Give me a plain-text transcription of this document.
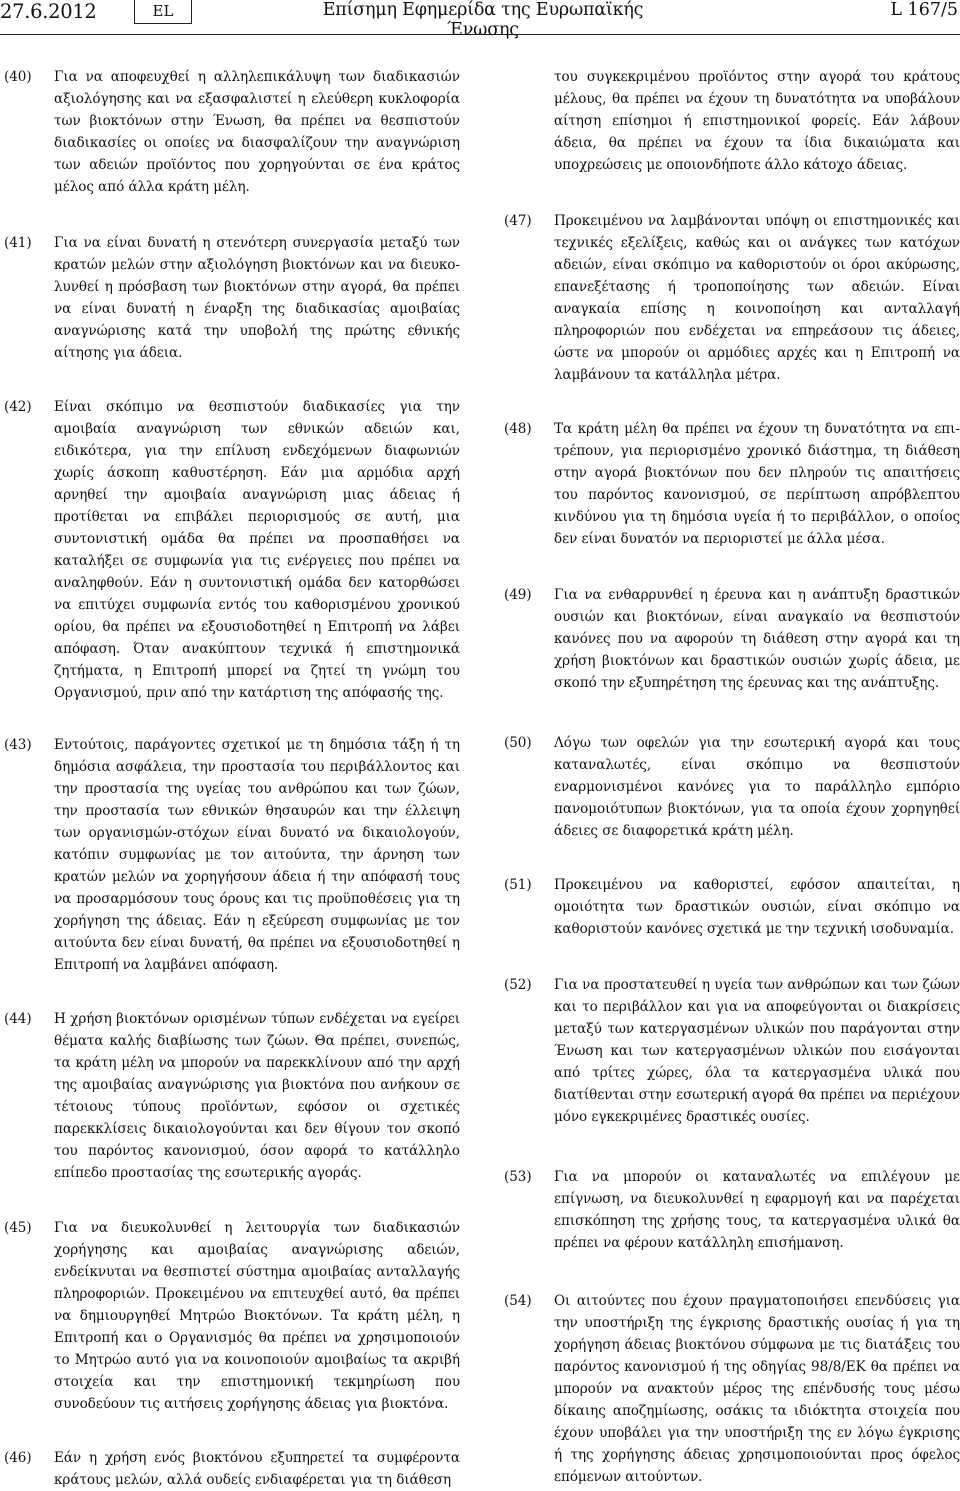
27.6.2012	EL	Επίσημη Εφημερίδα της Ευρωπαϊκής Ένωσης
L 167/5
(40)	Για να αποφευχθεί η αλληλεπικάλυψη των διαδικασιών αξιολόγησης και να εξασφαλιστεί η ελεύθερη κυκλοφορία των βιοκτόνων στην Ένωση, θα πρέπει να θεσπιστούν διαδικασίες οι οποίες να διασφαλίζουν την αναγνώριση των αδειών προϊόντος που χορηγούνται σε ένα κράτος μέλος από άλλα κράτη μέλη.
(41)	Για να είναι δυνατή η στενότερη συνεργασία μεταξύ των κρατών μελών στην αξιολόγηση βιοκτόνων και να διευκολυνθεί η πρόσβαση των βιοκτόνων στην αγορά, θα πρέπει να είναι δυνατή η έναρξη της διαδικασίας αμοιβαίας αναγνώρισης κατά την υποβολή της πρώτης εθνικής αίτησης για άδεια.
(42)	Είναι σκόπιμο να θεσπιστούν διαδικασίες για την αμοιβαία αναγνώριση των εθνικών αδειών και, ειδικότερα, για την επίλυση ενδεχόμενων διαφωνιών χωρίς άσκοπη καθυστέρηση. Εάν μια αρμόδια αρχή αρνηθεί την αμοιβαία αναγνώριση μιας άδειας ή προτίθεται να επιβάλει περιορισμούς σε αυτή, μια συντονιστική ομάδα θα πρέπει να προσπαθήσει να καταλήξει σε συμφωνία για τις ενέργειες που πρέπει να αναληφθούν. Εάν η συντονιστική ομάδα δεν κατορθώσει να επιτύχει συμφωνία εντός του καθορισμένου χρονικού ορίου, θα πρέπει να εξουσιοδοτηθεί η Επιτροπή να λάβει απόφαση. Όταν ανακύπτουν τεχνικά ή επιστημονικά ζητήματα, η Επιτροπή μπορεί να ζητεί τη γνώμη του Οργανισμού, πριν από την κατάρτιση της απόφασής της.
(43)	Εντούτοις, παράγοντες σχετικοί με τη δημόσια τάξη ή τη δημόσια ασφάλεια, την προστασία του περιβάλλοντος και την προστασία της υγείας του ανθρώπου και των ζώων, την προστασία των εθνικών θησαυρών και την έλλειψη των οργανισμών-στόχων είναι δυνατό να δικαιολογούν, κατόπιν συμφωνίας με τον αιτούντα, την άρνηση των κρατών μελών να χορηγήσουν άδεια ή την απόφασή τους να προσαρμόσουν τους όρους και τις προϋποθέσεις για τη χορήγηση της άδειας. Εάν η εξεύρεση συμφωνίας με τον αιτούντα δεν είναι δυνατή, θα πρέπει να εξουσιοδοτηθεί η Επιτροπή να λαμβάνει απόφαση.
(44)	Η χρήση βιοκτόνων ορισμένων τύπων ενδέχεται να εγείρει θέματα καλής διαβίωσης των ζώων. Θα πρέπει, συνεπώς, τα κράτη μέλη να μπορούν να παρεκκλίνουν από την αρχή της αμοιβαίας αναγνώρισης για βιοκτόνα που ανήκουν σε τέτοιους τύπους προϊόντων, εφόσον οι σχετικές παρεκκλίσεις δικαιολογούνται και δεν θίγουν τον σκοπό του παρόντος κανονισμού, όσον αφορά το κατάλληλο επίπεδο προστασίας της εσωτερικής αγοράς.
(45)	Για να διευκολυνθεί η λειτουργία των διαδικασιών χορήγησης και αμοιβαίας αναγνώρισης αδειών, ενδείκνυται να θεσπιστεί σύστημα αμοιβαίας ανταλλαγής πληροφοριών. Προκειμένου να επιτευχθεί αυτό, θα πρέπει να δημιουργηθεί Μητρώο Βιοκτόνων. Τα κράτη μέλη, η Επιτροπή και ο Οργανισμός θα πρέπει να χρησιμοποιούν το Μητρώο αυτό για να κοινοποιούν αμοιβαίως τα ακριβή στοιχεία και την επιστημονική τεκμηρίωση που συνοδεύουν τις αιτήσεις χορήγησης άδειας για βιοκτόνα.
(46)	Εάν η χρήση ενός βιοκτόνου εξυπηρετεί τα συμφέροντα κράτους μελών, αλλά ουδείς ενδιαφέρεται για τη διάθεση
του συγκεκριμένου προϊόντος στην αγορά του κράτους μέλους, θα πρέπει να έχουν τη δυνατότητα να υποβάλουν αίτηση επίσημοι ή επιστημονικοί φορείς. Εάν λάβουν άδεια, θα πρέπει να έχουν τα ίδια δικαιώματα και υποχρεώσεις με οποιονδήποτε άλλο κάτοχο άδειας.
(47)	Προκειμένου να λαμβάνονται υπόψη οι επιστημονικές και τεχνικές εξελίξεις, καθώς και οι ανάγκες των κατόχων αδειών, είναι σκόπιμο να καθοριστούν οι όροι ακύρωσης, επανεξέτασης ή τροποποίησης των αδειών. Είναι αναγκαία επίσης η κοινοποίηση και ανταλλαγή πληροφοριών που ενδέχεται να επηρεάσουν τις άδειες, ώστε να μπορούν οι αρμόδιες αρχές και η Επιτροπή να λαμβάνουν τα κατάλληλα μέτρα.
(48)	Τα κράτη μέλη θα πρέπει να έχουν τη δυνατότητα να επιτρέπουν, για περιορισμένο χρονικό διάστημα, τη διάθεση στην αγορά βιοκτόνων που δεν πληρούν τις απαιτήσεις του παρόντος κανονισμού, σε περίπτωση απρόβλεπτου κινδύνου για τη δημόσια υγεία ή το περιβάλλον, ο οποίος δεν είναι δυνατόν να περιοριστεί με άλλα μέσα.
(49)	Για να ενθαρρυνθεί η έρευνα και η ανάπτυξη δραστικών ουσιών και βιοκτόνων, είναι αναγκαίο να θεσπιστούν κανόνες που να αφορούν τη διάθεση στην αγορά και τη χρήση βιοκτόνων και δραστικών ουσιών χωρίς άδεια, με σκοπό την εξυπηρέτηση της έρευνας και της ανάπτυξης.
(50)	Λόγω των οφελών για την εσωτερική αγορά και τους καταναλωτές, είναι σκόπιμο να θεσπιστούν εναρμονισμένοι κανόνες για το παράλληλο εμπόριο πανομοιότυπων βιοκτόνων, για τα οποία έχουν χορηγηθεί άδειες σε διαφορετικά κράτη μέλη.
(51)	Προκειμένου να καθοριστεί, εφόσον απαιτείται, η ομοιότητα των δραστικών ουσιών, είναι σκόπιμο να καθοριστούν κανόνες σχετικά με την τεχνική ισοδυναμία.
(52)	Για να προστατευθεί η υγεία των ανθρώπων και των ζώων και το περιβάλλον και για να αποφεύγονται οι διακρίσεις μεταξύ των κατεργασμένων υλικών που παράγονται στην Ένωση και των κατεργασμένων υλικών που εισάγονται από τρίτες χώρες, όλα τα κατεργασμένα υλικά που διατίθενται στην εσωτερική αγορά θα πρέπει να περιέχουν μόνο εγκεκριμένες δραστικές ουσίες.
(53)	Για να μπορούν οι καταναλωτές να επιλέγουν με επίγνωση, να διευκολυνθεί η εφαρμογή και να παρέχεται επισκόπηση της χρήσης τους, τα κατεργασμένα υλικά θα πρέπει να φέρουν κατάλληλη επισήμανση.
(54)	Οι αιτούντες που έχουν πραγματοποιήσει επενδύσεις για την υποστήριξη της έγκρισης δραστικής ουσίας ή για τη χορήγηση άδειας βιοκτόνου σύμφωνα με τις διατάξεις του παρόντος κανονισμού ή της οδηγίας 98/8/ΕΚ θα πρέπει να μπορούν να ανακτούν μέρος της επένδυσής τους μέσω δίκαιης αποζημίωσης, οσάκις τα ιδιόκτητα στοιχεία που έχουν υποβάλει για την υποστήριξη της εν λόγω έγκρισης ή της χορήγησης άδειας χρησιμοποιούνται προς όφελος επόμενων αιτούντων.
